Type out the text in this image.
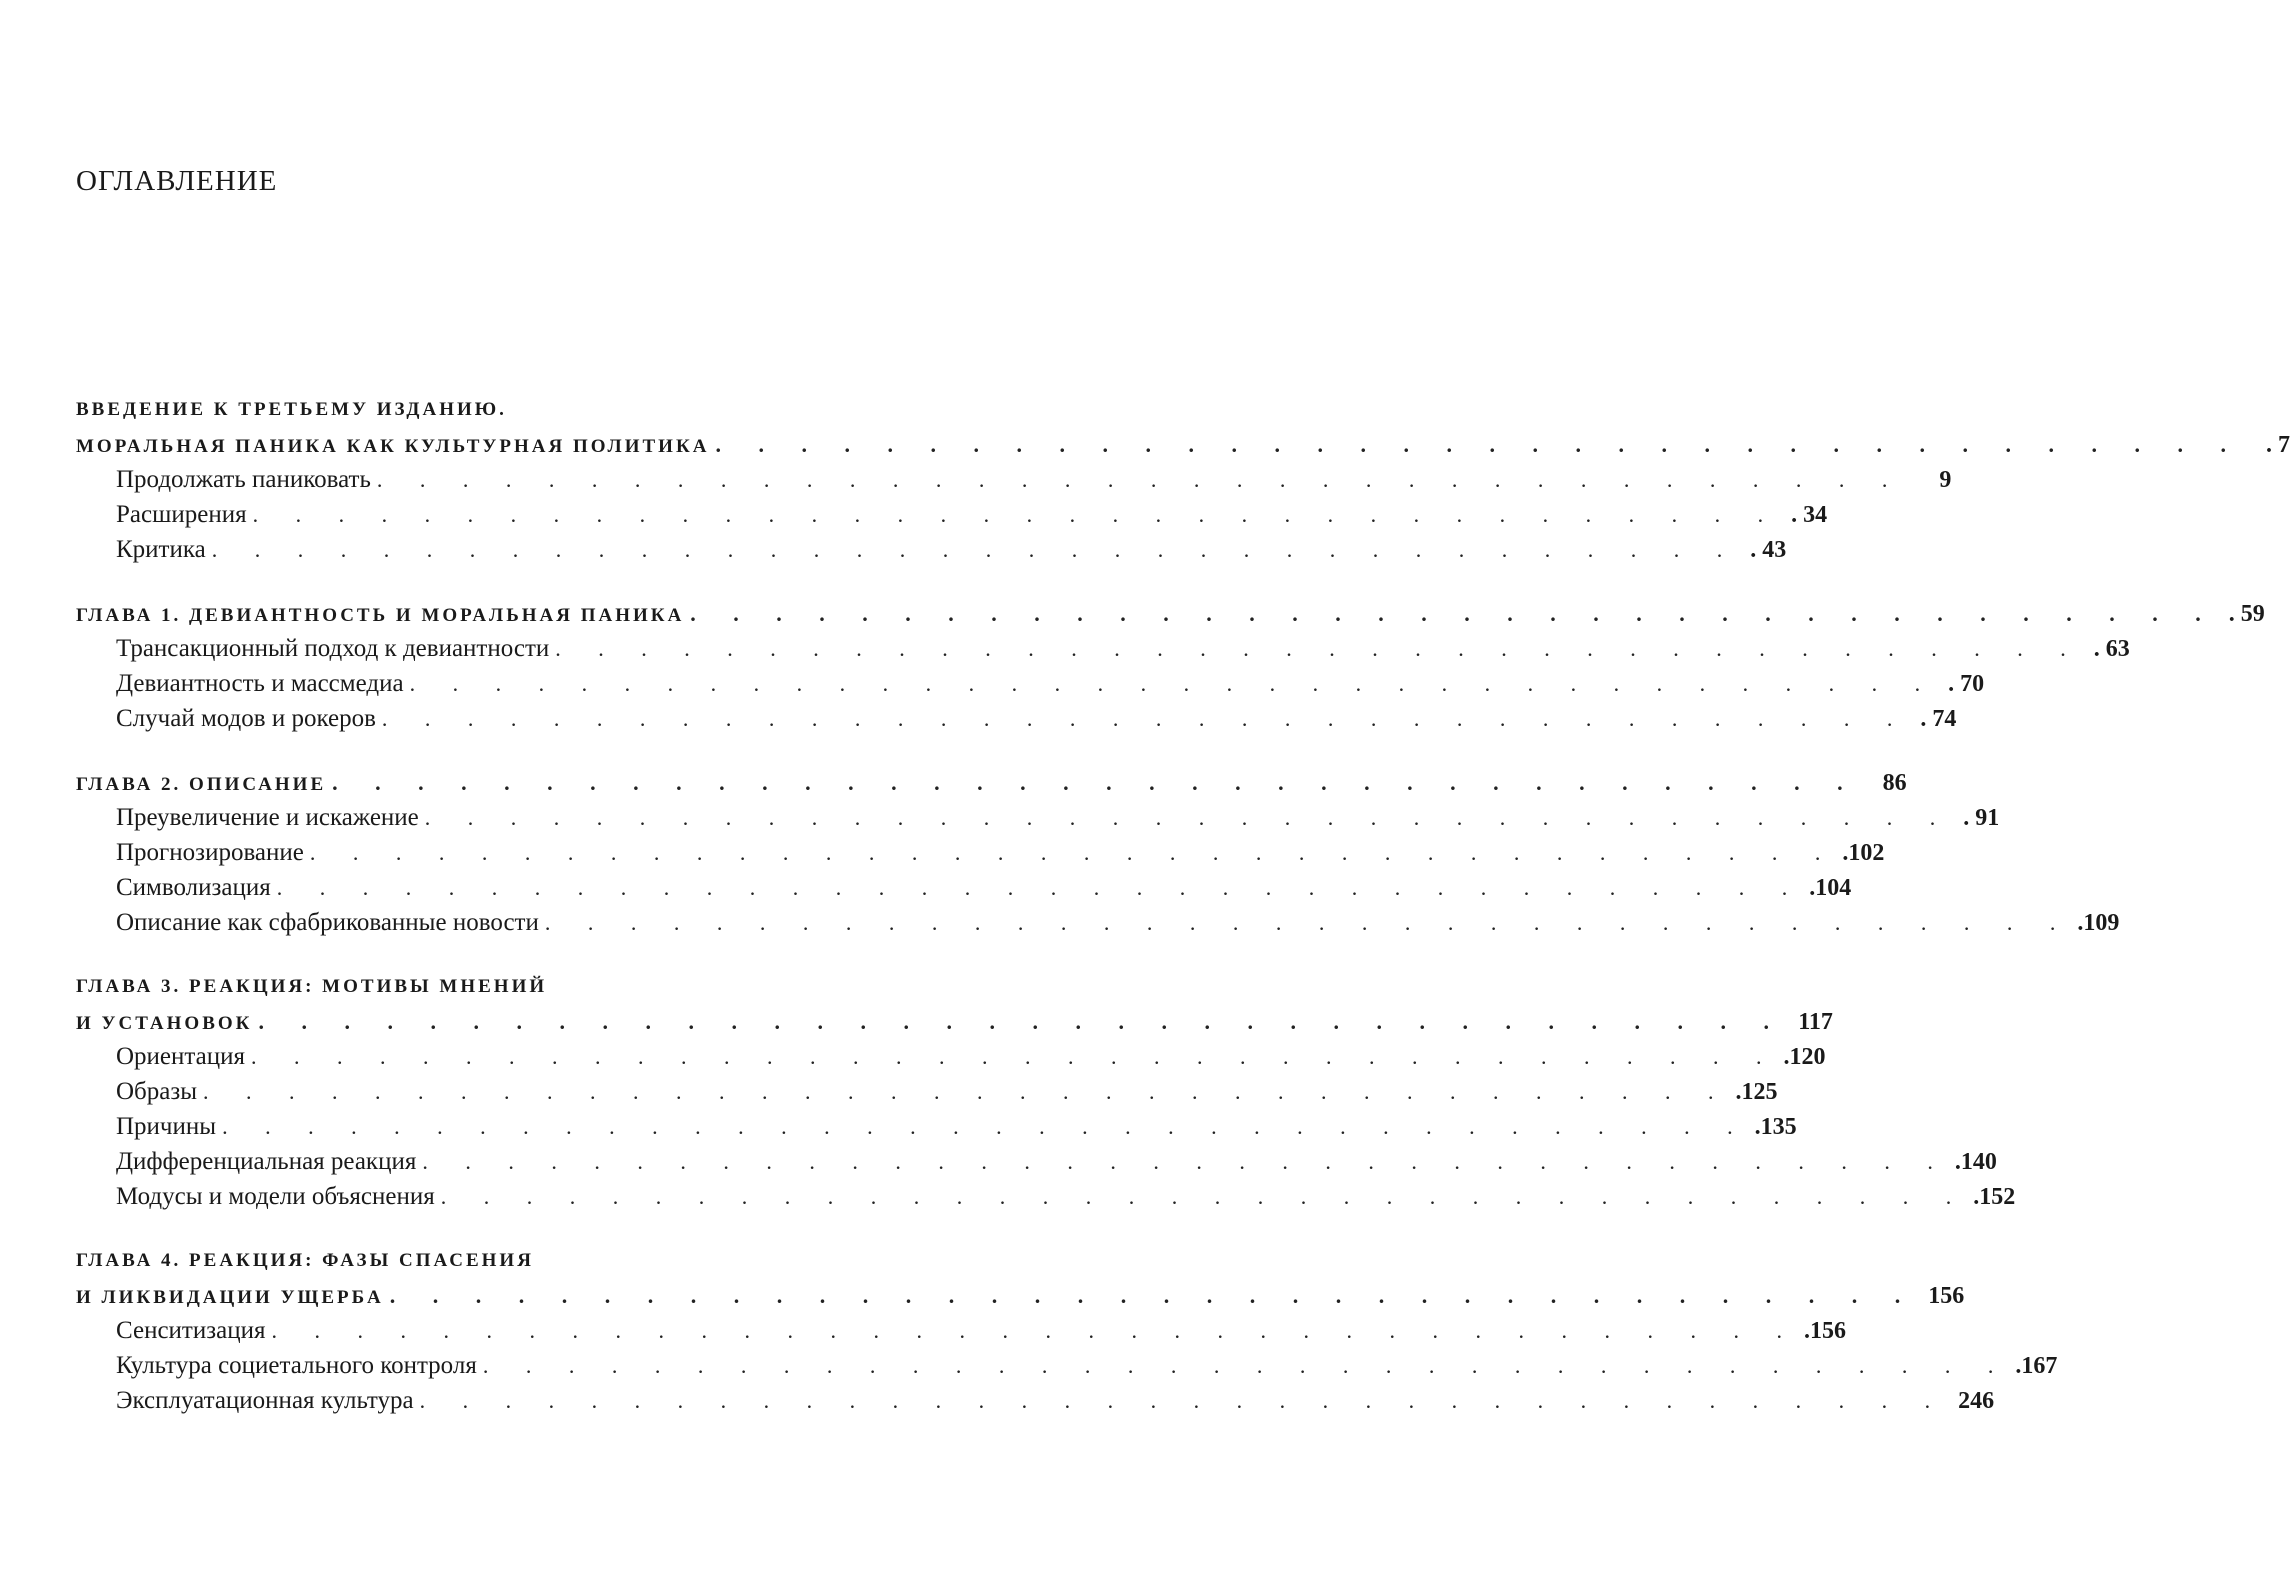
ОГЛАВЛЕНИЕ
ВВЕДЕНИЕ К ТРЕТЬЕМУ ИЗДАНИЮ.
МОРАЛЬНАЯ ПАНИКА КАК КУЛЬТУРНАЯ ПОЛИТИКА . . . . . . . . . . . . . . . . . . . . . . . . . . . . . . . . . . . .	. 7
Продолжать паниковать . . . . . . . . . . . . . . . . . . . . . . . . . . . . . . . . . . . .	9
Расширения . . . . . . . . . . . . . . . . . . . . . . . . . . . . . . . . . . . . . 34
Критика . . . . . . . . . . . . . . . . . . . . . . . . . . . . . . . . . . . . . 43
ГЛАВА 1. ДЕВИАНТНОСТЬ И МОРАЛЬНАЯ ПАНИКА . . . . . . . . . . . . . . . . . . . . . . . . . . . . . . . . . . . . . 59
Трансакционный подход к девиантности . . . . . . . . . . . . . . . . . . . . . . . . . . . . . . . . . . . . . 63
Девиантность и массмедиа . . . . . . . . . . . . . . . . . . . . . . . . . . . . . . . . . . . . . 70
Случай модов и рокеров . . . . . . . . . . . . . . . . . . . . . . . . . . . . . . . . . . . . . 74
ГЛАВА 2. ОПИСАНИЕ . . . . . . . . . . . . . . . . . . . . . . . . . . . . . . . . . . . .	86
Преувеличение и искажение . . . . . . . . . . . . . . . . . . . . . . . . . . . . . . . . . . . . . 91
Прогнозирование . . . . . . . . . . . . . . . . . . . . . . . . . . . . . . . . . . . . .102
Символизация . . . . . . . . . . . . . . . . . . . . . . . . . . . . . . . . . . . . .104
Описание как сфабрикованные новости . . . . . . . . . . . . . . . . . . . . . . . . . . . . . . . . . . . . .109
ГЛАВА 3. РЕАКЦИЯ: МОТИВЫ МНЕНИЙ
И УСТАНОВОК . . . . . . . . . . . . . . . . . . . . . . . . . . . . . . . . . . . . 117
Ориентация . . . . . . . . . . . . . . . . . . . . . . . . . . . . . . . . . . . . .120
Образы . . . . . . . . . . . . . . . . . . . . . . . . . . . . . . . . . . . . .125
Причины . . . . . . . . . . . . . . . . . . . . . . . . . . . . . . . . . . . . .135
Дифференциальная реакция . . . . . . . . . . . . . . . . . . . . . . . . . . . . . . . . . . . . .140
Модусы и модели объяснения . . . . . . . . . . . . . . . . . . . . . . . . . . . . . . . . . . . . .152
ГЛАВА 4. РЕАКЦИЯ: ФАЗЫ СПАСЕНИЯ
И ЛИКВИДАЦИИ УЩЕРБА . . . . . . . . . . . . . . . . . . . . . . . . . . . . . . . . . . . . 156
Сенситизация . . . . . . . . . . . . . . . . . . . . . . . . . . . . . . . . . . . . .156
Культура социетального контроля . . . . . . . . . . . . . . . . . . . . . . . . . . . . . . . . . . . . .167
Эксплуатационная культура . . . . . . . . . . . . . . . . . . . . . . . . . . . . . . . . . . . . 246
